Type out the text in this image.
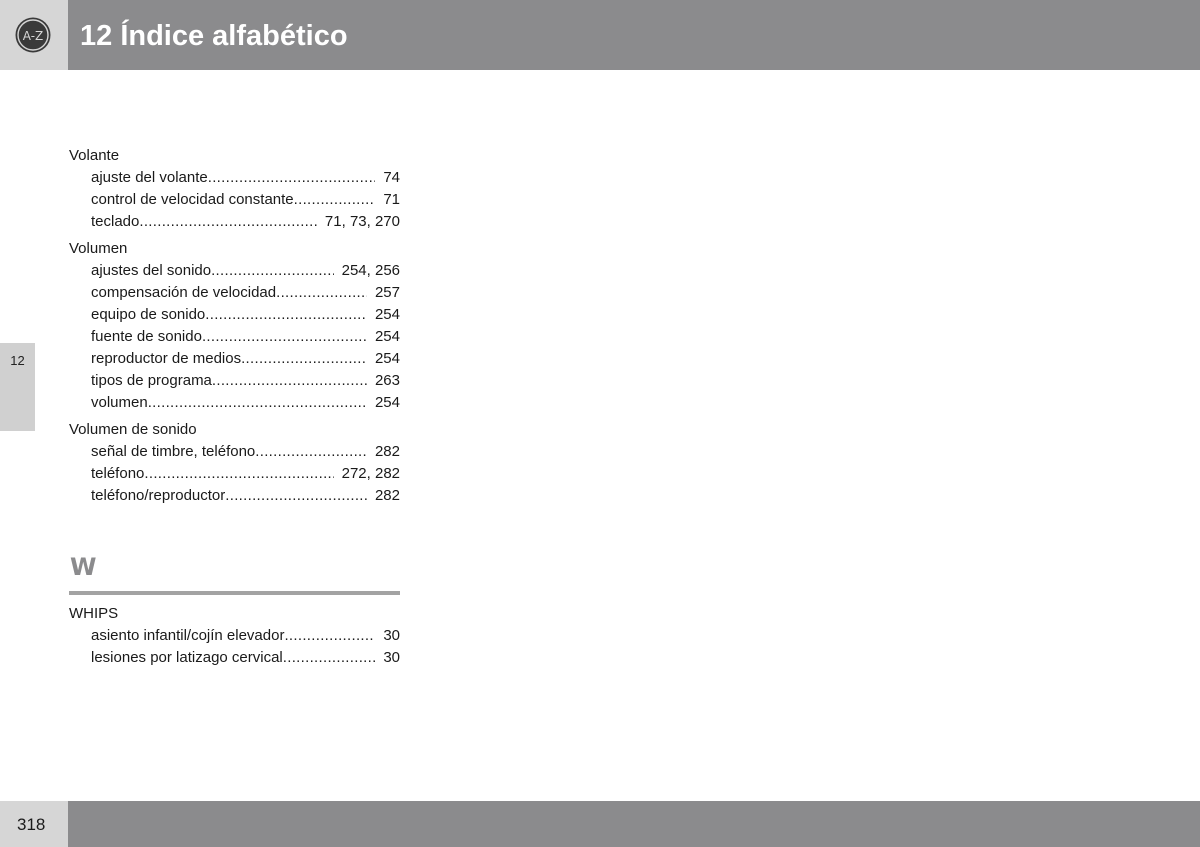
A-Z 12 Índice alfabético
12
Volante
ajuste del volante .....	74
control de velocidad constante .....	71
teclado .....	71, 73, 270
Volumen
ajustes del sonido .....	254, 256
compensación de velocidad .....	257
equipo de sonido .....	254
fuente de sonido .....	254
reproductor de medios .....	254
tipos de programa .....	263
volumen .....	254
Volumen de sonido
señal de timbre, teléfono .....	282
teléfono .....	272, 282
teléfono/reproductor .....	282
W
WHIPS
asiento infantil/cojín elevador .....	30
lesiones por latizago cervical .....	30
318
